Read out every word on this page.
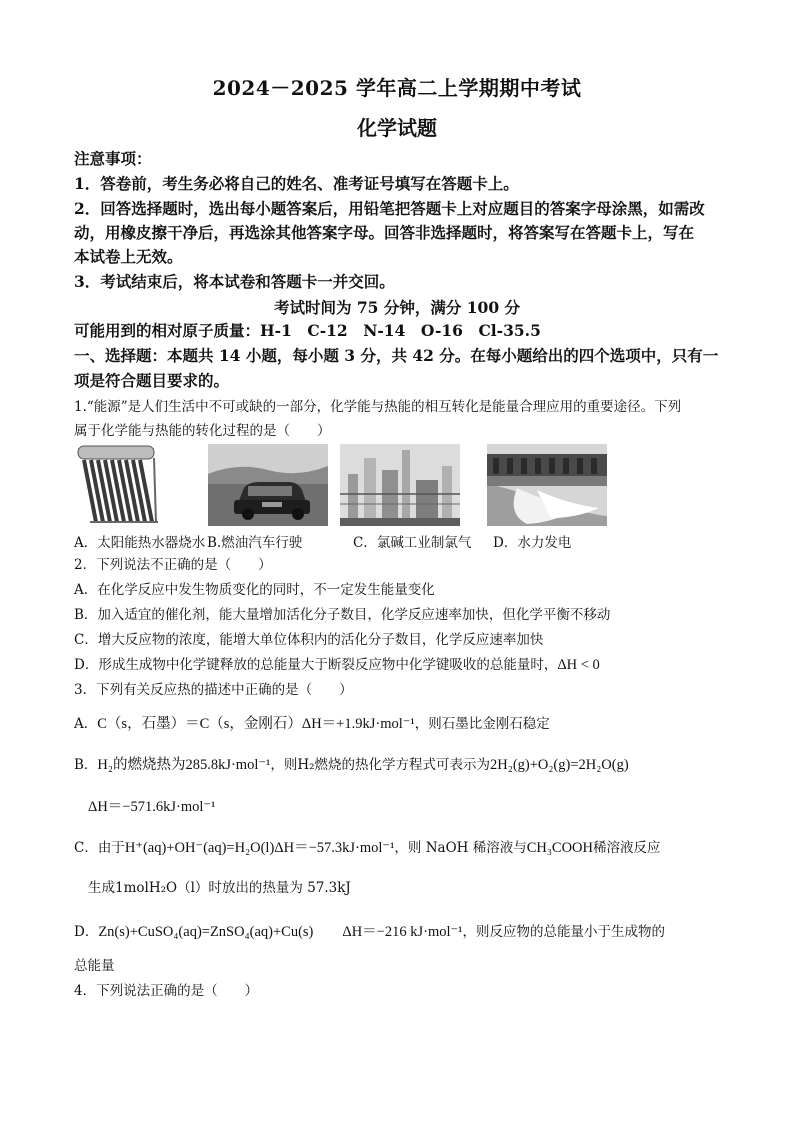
2024－2025 学年高二上学期期中考试
化学试题
注意事项：
1．答卷前，考生务必将自己的姓名、准考证号填写在答题卡上。
2．回答选择题时，选出每小题答案后，用铅笔把答题卡上对应题目的答案字母涂黑，如需改
动，用橡皮擦干净后，再选涂其他答案字母。回答非选择题时，将答案写在答题卡上，写在
本试卷上无效。
3．考试结束后，将本试卷和答题卡一并交回。
考试时间为 75 分钟，满分 100 分
可能用到的相对原子质量：H-1　C-12　N-14　O-16　Cl-35.5
一、选择题：本题共 14 小题，每小题 3 分，共 42 分。在每小题给出的四个选项中，只有一
项是符合题目要求的。
1.“能源”是人们生活中不可或缺的一部分，化学能与热能的相互转化是能量合理应用的重要途径。下列
属于化学能与热能的转化过程的是（　　）
A．太阳能热水器烧水 B.燃油汽车行驶	C．氯碱工业制氯气 D．水力发电
2．下列说法不正确的是（　　）
A．在化学反应中发生物质变化的同时，不一定发生能量变化
B．加入适宜的催化剂，能大量增加活化分子数目，化学反应速率加快，但化学平衡不移动
C．增大反应物的浓度，能增大单位体积内的活化分子数目，化学反应速率加快
D．形成生成物中化学键释放的总能量大于断裂反应物中化学键吸收的总能量时，ΔH < 0
3．下列有关反应热的描述中正确的是（　　）
A．C（s，石墨）＝C（s，金刚石）ΔH＝+1.9kJ·mol⁻¹，则石墨比金刚石稳定
B．H₂的燃烧热为285.8kJ·mol⁻¹，则H₂燃烧的热化学方程式可表示为2H₂(g)+O₂(g)=2H₂O(g)
ΔH＝−571.6kJ·mol⁻¹
C．由于H⁺(aq)+OH⁻(aq)=H₂O(l)ΔH＝−57.3kJ·mol⁻¹，则 NaOH 稀溶液与CH₃COOH稀溶液反应
生成1molH₂O（l）时放出的热量为 57.3kJ
D．Zn(s)+CuSO₄(aq)=ZnSO₄(aq)+Cu(s)　　ΔH＝−216 kJ·mol⁻¹，则反应物的总能量小于生成物的
总能量
4．下列说法正确的是（　　）
